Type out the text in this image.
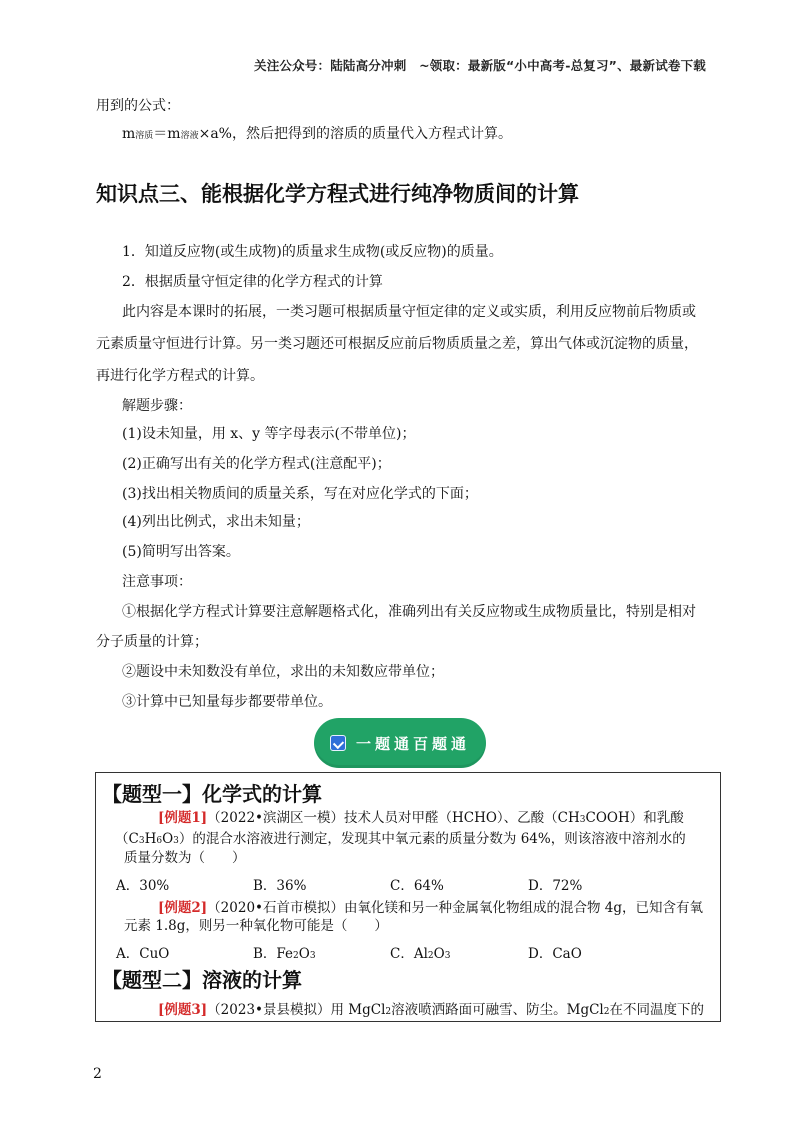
关注公众号：陆陆高分冲刺　~领取：最新版“小中高考-总复习”、最新试卷下载
用到的公式：
m溶质＝m溶液×a%，然后把得到的溶质的质量代入方程式计算。
知识点三、能根据化学方程式进行纯净物质间的计算
1．知道反应物(或生成物)的质量求生成物(或反应物)的质量。
2．根据质量守恒定律的化学方程式的计算
此内容是本课时的拓展，一类习题可根据质量守恒定律的定义或实质，利用反应物前后物质或
元素质量守恒进行计算。另一类习题还可根据反应前后物质质量之差，算出气体或沉淀物的质量，
再进行化学方程式的计算。
解题步骤：
(1)设未知量，用 x、y 等字母表示(不带单位)；
(2)正确写出有关的化学方程式(注意配平)；
(3)找出相关物质间的质量关系，写在对应化学式的下面；
(4)列出比例式，求出未知量；
(5)简明写出答案。
注意事项：
①根据化学方程式计算要注意解题格式化，准确列出有关反应物或生成物质量比，特别是相对
分子质量的计算；
②题设中未知数没有单位，求出的未知数应带单位；
③计算中已知量每步都要带单位。
一题通百题通
【题型一】化学式的计算
[例题1]（2022•滨湖区一模）技术人员对甲醛（HCHO）、乙酸（CH3COOH）和乳酸
（C3H6O3）的混合水溶液进行测定，发现其中氧元素的质量分数为 64%，则该溶液中溶剂水的
质量分数为（　　）
A．30%	B．36%	C．64%	D．72%
[例题2]（2020•石首市模拟）由氧化镁和另一种金属氧化物组成的混合物 4g，已知含有氧
元素 1.8g，则另一种氧化物可能是（　　）
A．CuO	B．Fe2O3	C．Al2O3	D．CaO
【题型二】溶液的计算
[例题3]（2023•景县模拟）用 MgCl2溶液喷洒路面可融雪、防尘。MgCl2在不同温度下的
2
